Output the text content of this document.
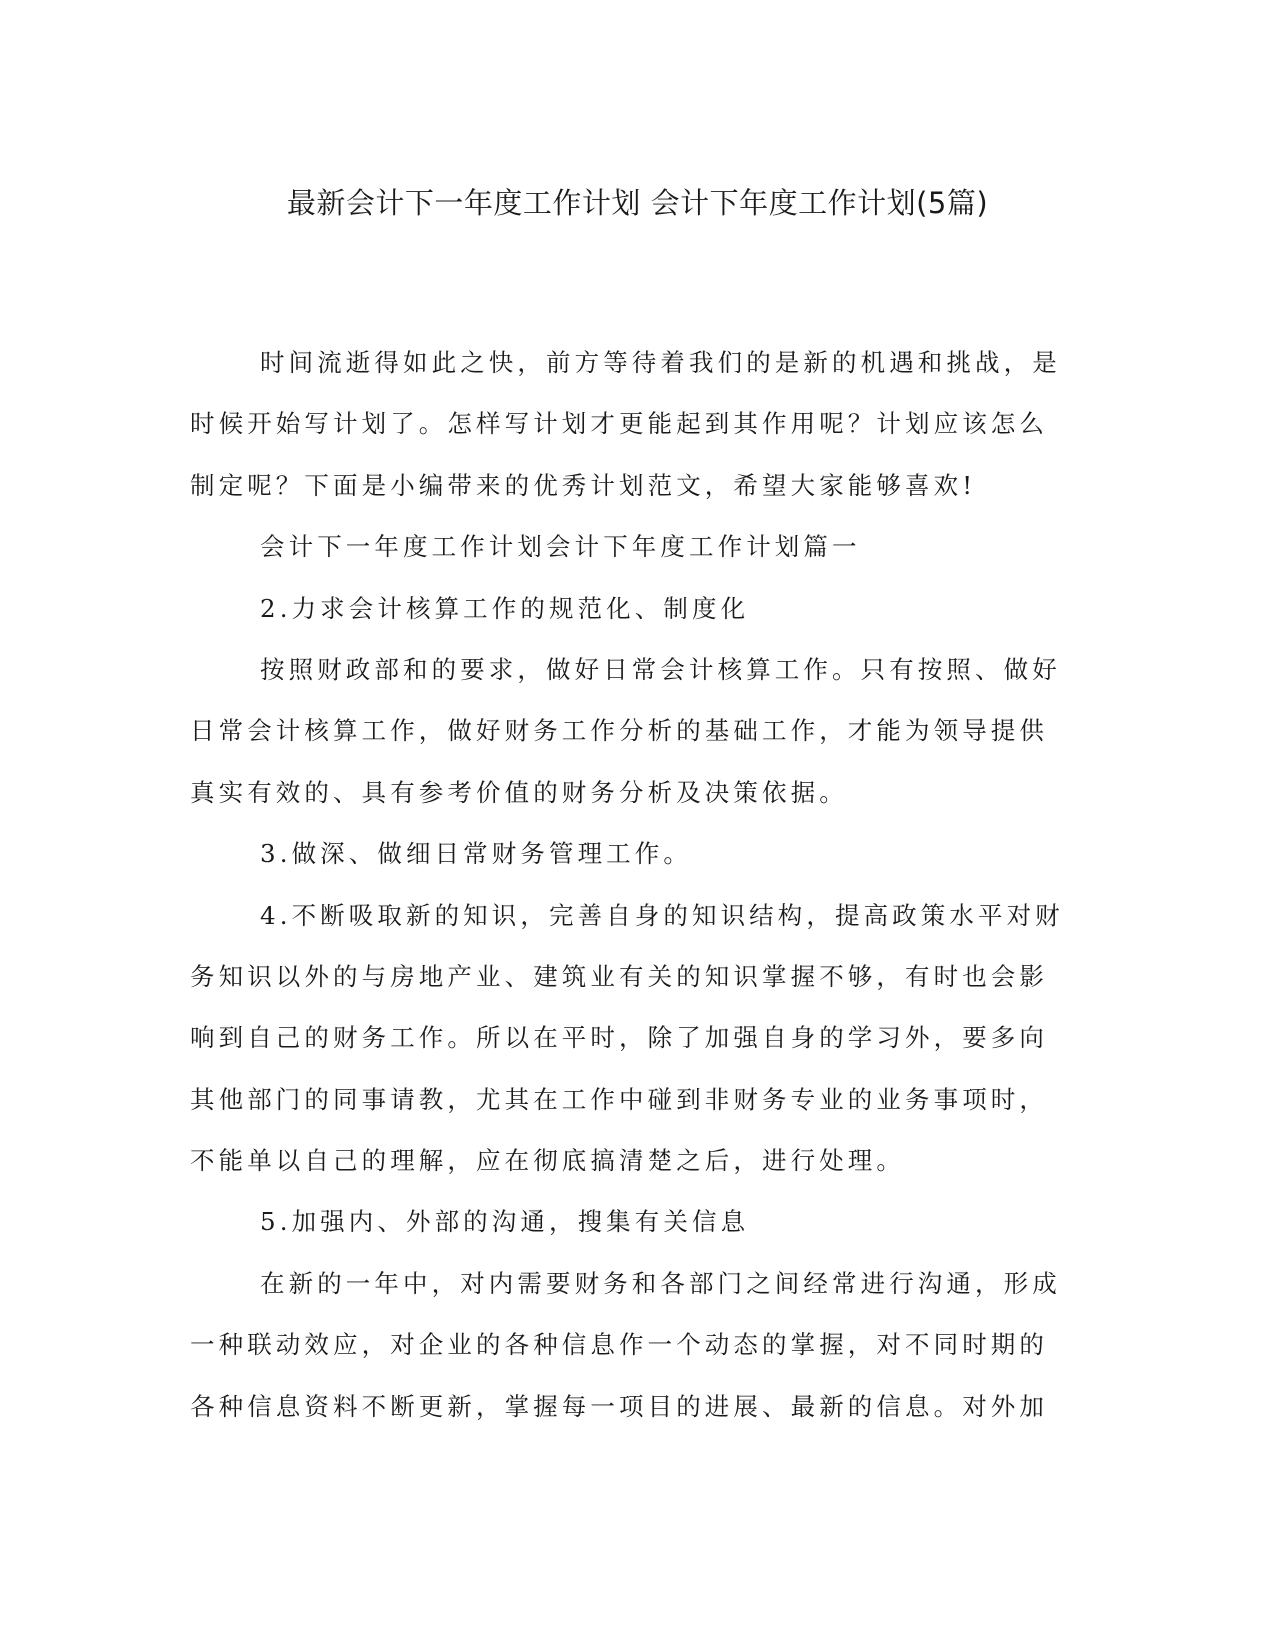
最新会计下一年度工作计划 会计下年度工作计划(5篇)
时间流逝得如此之快，前方等待着我们的是新的机遇和挑战，是
时候开始写计划了。怎样写计划才更能起到其作用呢？计划应该怎么
制定呢？下面是小编带来的优秀计划范文，希望大家能够喜欢!
会计下一年度工作计划会计下年度工作计划篇一
2.力求会计核算工作的规范化、制度化
按照财政部和的要求，做好日常会计核算工作。只有按照、做好
日常会计核算工作，做好财务工作分析的基础工作，才能为领导提供
真实有效的、具有参考价值的财务分析及决策依据。
3.做深、做细日常财务管理工作。
4.不断吸取新的知识，完善自身的知识结构，提高政策水平对财
务知识以外的与房地产业、建筑业有关的知识掌握不够，有时也会影
响到自己的财务工作。所以在平时，除了加强自身的学习外，要多向
其他部门的同事请教，尤其在工作中碰到非财务专业的业务事项时，
不能单以自己的理解，应在彻底搞清楚之后，进行处理。
5.加强内、外部的沟通，搜集有关信息
在新的一年中，对内需要财务和各部门之间经常进行沟通，形成
一种联动效应，对企业的各种信息作一个动态的掌握，对不同时期的
各种信息资料不断更新，掌握每一项目的进展、最新的信息。对外加
